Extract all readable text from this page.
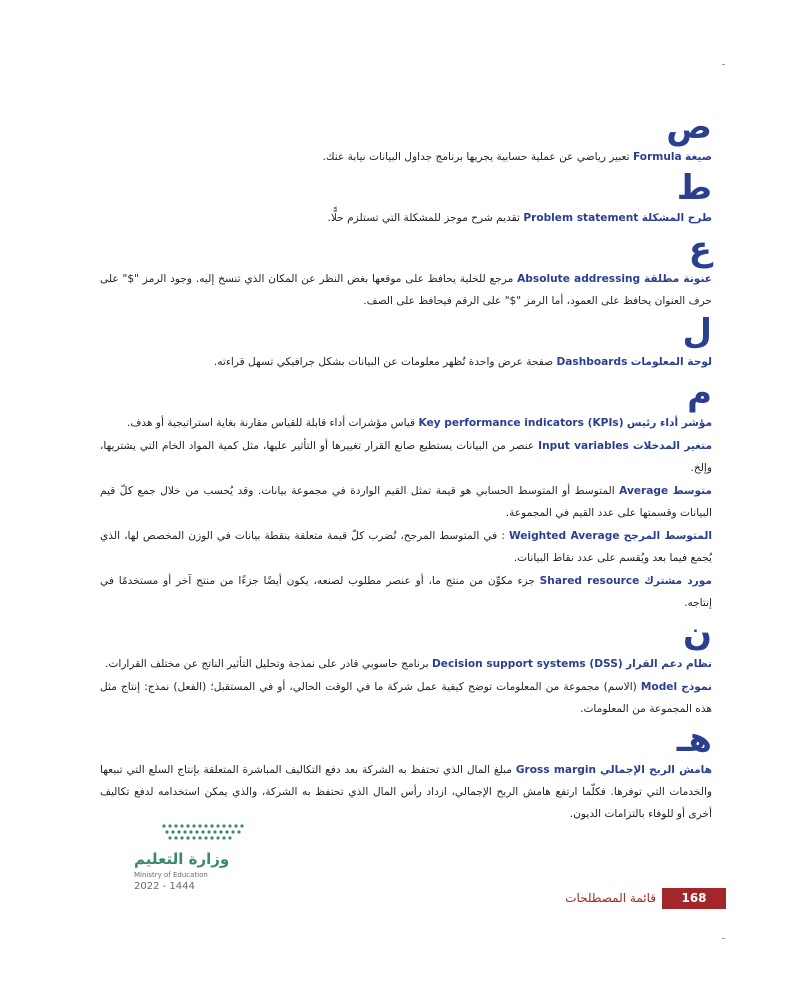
ص

صيغة Formula تعبير رياضي عن عملية حسابية يجريها برنامج جداول البيانات نيابة عنك.

ط

طرح المشكلة Problem statement تقديم شرح موجز للمشكلة التي تستلزم حلًّا.

ع

عنونة مطلقة Absolute addressing مرجع للخلية يحافظ على موقعها بغض النظر عن المكان الذي تنسخ إليه. وجود الرمز "$" على حرف العنوان يحافظ على العمود، أما الرمز "$" على الرقم فيحافظ على الصف.

ل

لوحة المعلومات Dashboards صفحة عرض واحدة تُظهر معلومات عن البيانات بشكل جرافيكي تسهل قراءته.

م

مؤشر أداء رئيس Key performance indicators (KPIs) قياس مؤشرات أداء قابلة للقياس مقارنة بغاية استراتيجية أو هدف.

متغير المدخلات Input variables عنصر من البيانات يستطيع صانع القرار تغييرها أو التأثير عليها، مثل كمية المواد الخام التي يشتريها، وإلخ.

متوسط Average المتوسط أو المتوسط الحسابي هو قيمة تمثل القيم الواردة في مجموعة بيانات. وقد يُحسب من خلال جمع كلّ قيم البيانات وقسمتها على عدد القيم في المجموعة.

المتوسط المرجح Weighted Average : في المتوسط المرجح، تُضرب كلّ قيمة متعلقة بنقطة بيانات في الوزن المخصص لها، الذي يُجمع فيما بعد ويُقسم على عدد نقاط البيانات.

مورد مشترك Shared resource جزء مكوِّن من منتج ما، أو عنصر مطلوب لصنعه، يكون أيضًا جزءًا من منتج آخر أو مستخدمًا في إنتاجه.

ن

نظام دعم القرار Decision support systems (DSS) برنامج حاسوبي قادر على نمذجة وتحليل التأثير الناتج عن مختلف القرارات.

نموذج Model (الاسم) مجموعة من المعلومات توضح كيفية عمل شركة ما في الوقت الحالي، أو في المستقبل؛ (الفعل) نمذج: إنتاج مثل هذه المجموعة من المعلومات.

هـ

هامش الربح الإجمالي Gross margin مبلغ المال الذي تحتفظ به الشركة بعد دفع التكاليف المباشرة المتعلقة بإنتاج السلع التي تبيعها والخدمات التي توفرها. فكلّما ارتفع هامش الربح الإجمالي، ازداد رأس المال الذي تحتفظ به الشركة، والذي يمكن استخدامه لدفع تكاليف أخرى أو للوفاء بالتزامات الديون.

وزارة التعليم
Ministry of Education
2022 - 1444
168
قائمة المصطلحات
